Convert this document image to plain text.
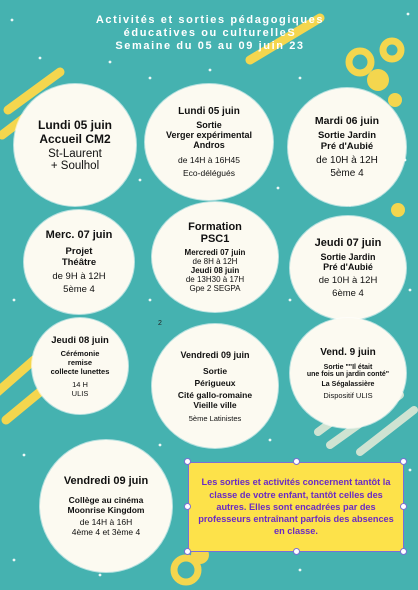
Activités et sorties pédagogiques
éducatives ou culturelleS
Semaine du 05 au 09 juin 23
Lundi 05 juin
Accueil CM2
St-Laurent
+ Soulhol
Lundi 05 juin
Sortie
Verger expérimental
Andros
de 14H à 16H45
Eco-délégués
Mardi 06 juin
Sortie Jardin
Pré d'Aubié
de 10H à 12H
5ème 4
Merc. 07 juin
Projet
Théâtre
de 9H à 12H
5ème 4
Formation
PSC1
Mercredi 07 juin
de 8H à 12H
Jeudi 08 juin
de 13H30 à 17H
Gpe 2 SEGPA
Jeudi 07 juin
Sortie Jardin
Pré d'Aubié
de 10H à 12H
6ème 4
2
Jeudi 08 juin
Cérémonie
remise
collecte lunettes
14 H
ULIS
Vendredi 09 juin
Sortie
Périgueux
Cité gallo-romaine
Vieille ville
5ème Latinistes
Vend. 9 juin
Sortie ""Il était
une fois un jardin conté"
La Ségalassière
Dispositif ULIS
Vendredi 09 juin
Collège au cinéma
Moonrise Kingdom
de 14H à 16H
4ème 4 et 3ème 4

Les sorties et activités concernent tantôt la classe de votre enfant, tantôt celles des autres. Elles sont encadrées par des professeurs entraînant parfois des absences en classe.
